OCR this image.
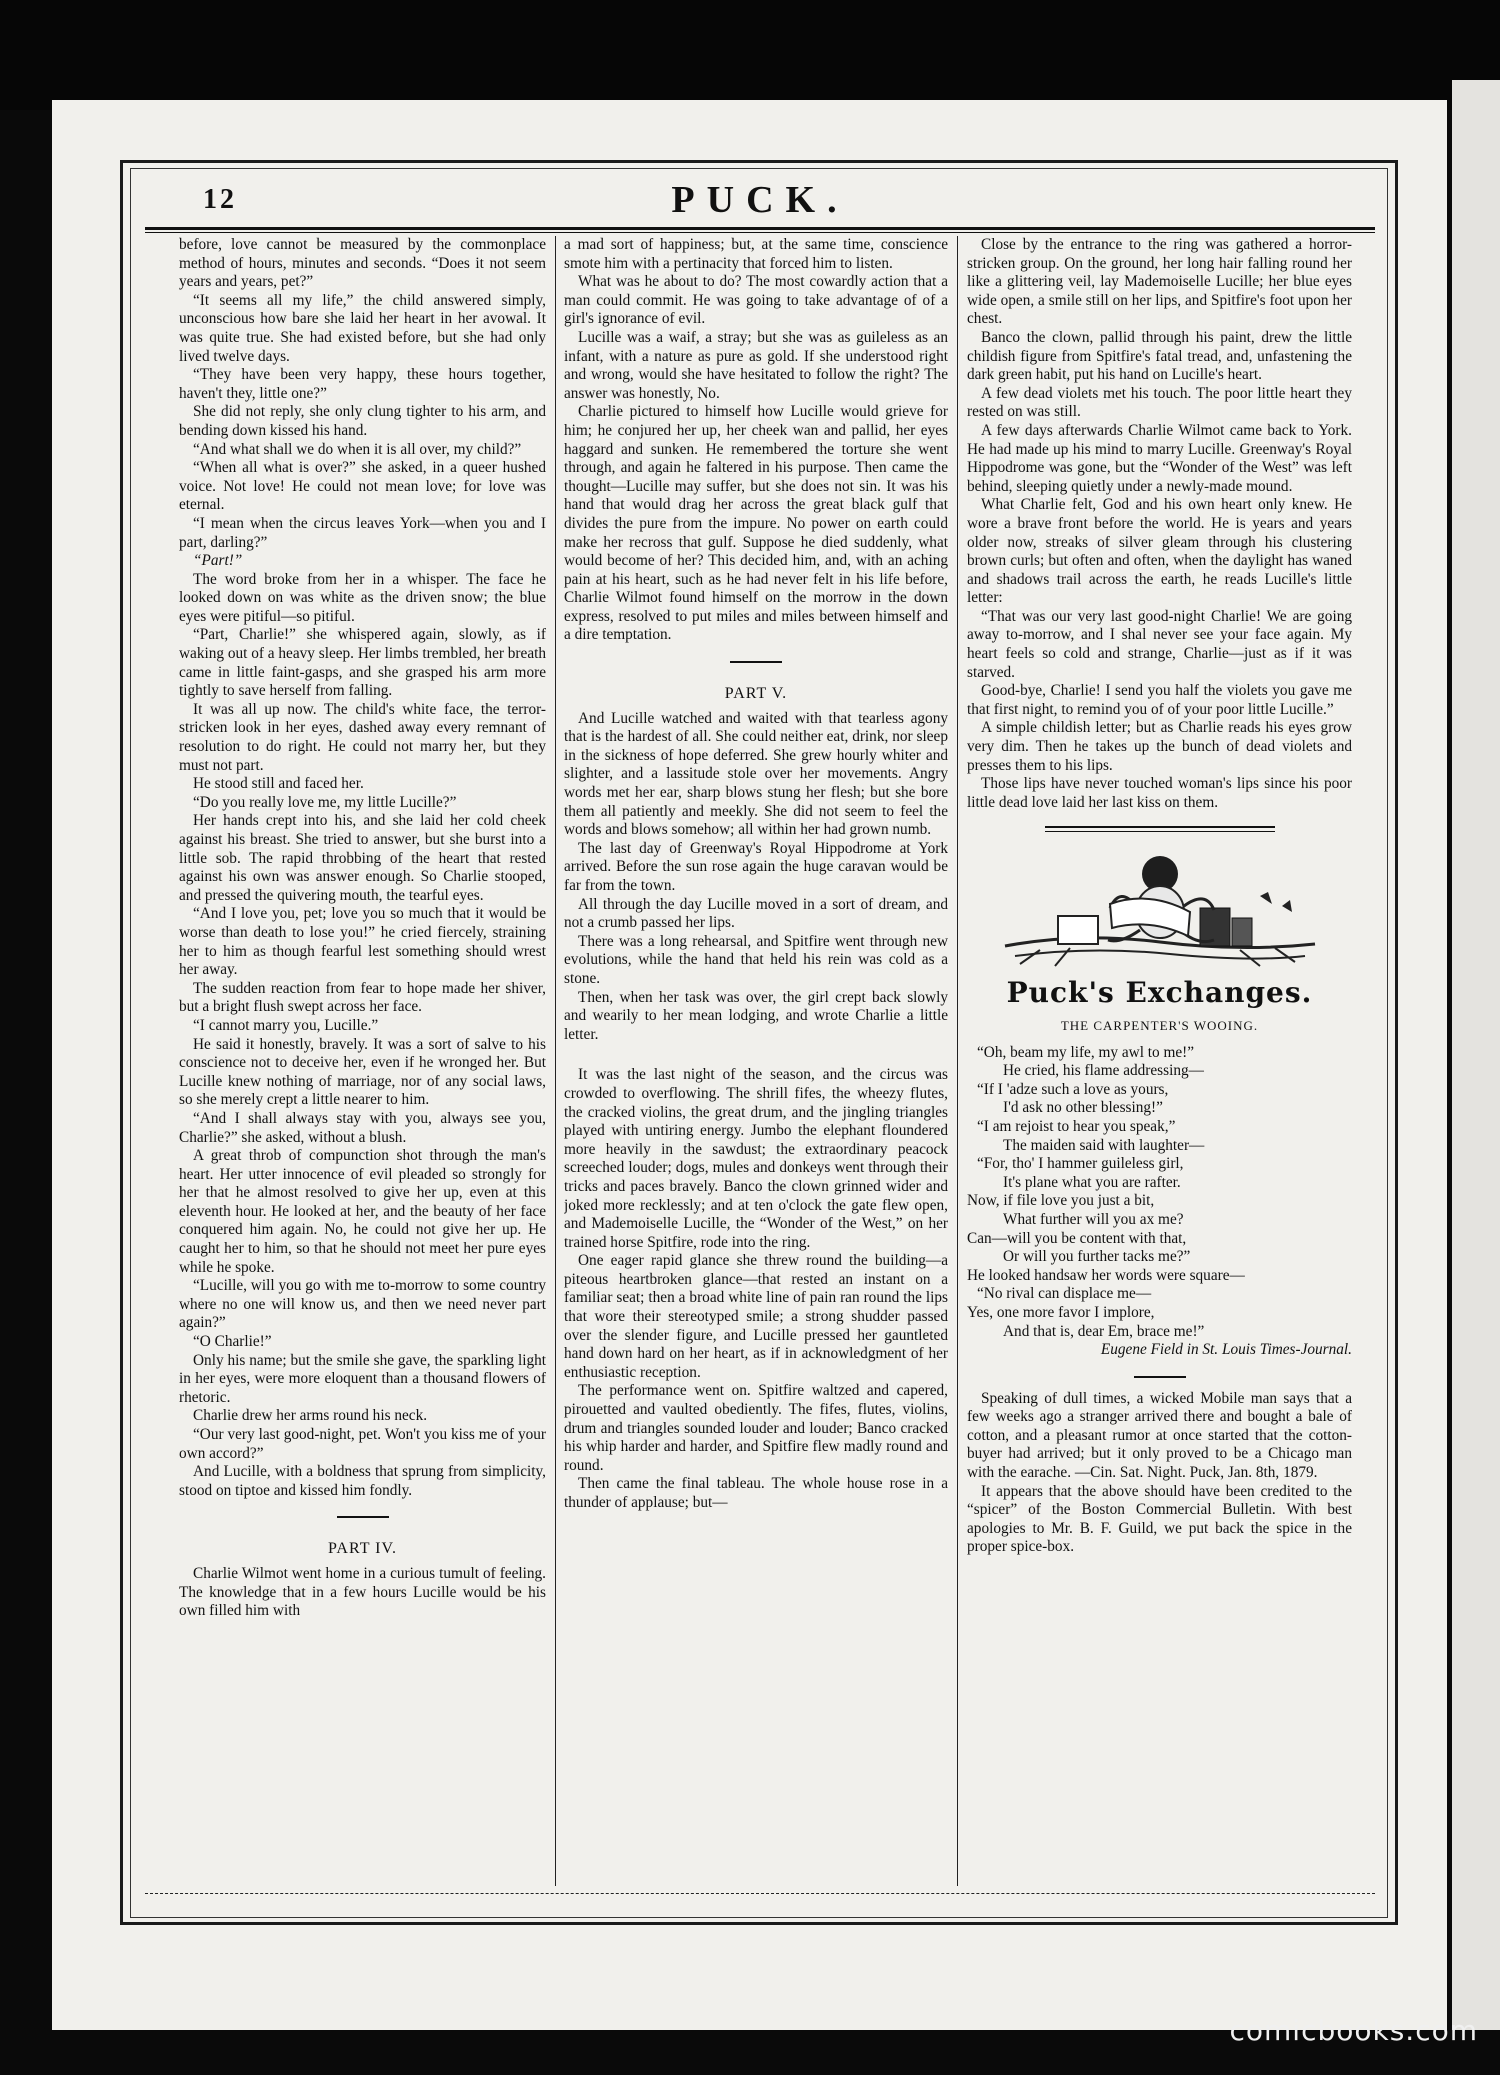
12	PUCK.

before, love cannot be measured by the commonplace method of hours, minutes and seconds. “Does it not seem years and years, pet?”

“It seems all my life,” the child answered simply, unconscious how bare she laid her heart in her avowal. It was quite true. She had existed before, but she had only lived twelve days.

“They have been very happy, these hours together, haven't they, little one?”

She did not reply, she only clung tighter to his arm, and bending down kissed his hand.

“And what shall we do when it is all over, my child?”

“When all what is over?” she asked, in a queer hushed voice. Not love! He could not mean love; for love was eternal.

“I mean when the circus leaves York—when you and I part, darling?”

“Part!”

The word broke from her in a whisper. The face he looked down on was white as the driven snow; the blue eyes were pitiful—so pitiful.

“Part, Charlie!” she whispered again, slowly, as if waking out of a heavy sleep. Her limbs trembled, her breath came in little faint-gasps, and she grasped his arm more tightly to save herself from falling.

It was all up now. The child's white face, the terror-stricken look in her eyes, dashed away every remnant of resolution to do right. He could not marry her, but they must not part.

He stood still and faced her.

“Do you really love me, my little Lucille?”

Her hands crept into his, and she laid her cold cheek against his breast. She tried to answer, but she burst into a little sob. The rapid throbbing of the heart that rested against his own was answer enough. So Charlie stooped, and pressed the quivering mouth, the tearful eyes.

“And I love you, pet; love you so much that it would be worse than death to lose you!” he cried fiercely, straining her to him as though fearful lest something should wrest her away.

The sudden reaction from fear to hope made her shiver, but a bright flush swept across her face.

“I cannot marry you, Lucille.”

He said it honestly, bravely. It was a sort of salve to his conscience not to deceive her, even if he wronged her. But Lucille knew nothing of marriage, nor of any social laws, so she merely crept a little nearer to him.

“And I shall always stay with you, always see you, Charlie?” she asked, without a blush.

A great throb of compunction shot through the man's heart. Her utter innocence of evil pleaded so strongly for her that he almost resolved to give her up, even at this eleventh hour. He looked at her, and the beauty of her face conquered him again. No, he could not give her up. He caught her to him, so that he should not meet her pure eyes while he spoke.

“Lucille, will you go with me to-morrow to some country where no one will know us, and then we need never part again?”

“O Charlie!”

Only his name; but the smile she gave, the sparkling light in her eyes, were more eloquent than a thousand flowers of rhetoric.

Charlie drew her arms round his neck.

“Our very last good-night, pet. Won't you kiss me of your own accord?”

And Lucille, with a boldness that sprung from simplicity, stood on tiptoe and kissed him fondly.

PART IV.

Charlie Wilmot went home in a curious tumult of feeling. The knowledge that in a few hours Lucille would be his own filled him with

a mad sort of happiness; but, at the same time, conscience smote him with a pertinacity that forced him to listen.

What was he about to do? The most cowardly action that a man could commit. He was going to take advantage of of a girl's ignorance of evil.

Lucille was a waif, a stray; but she was as guileless as an infant, with a nature as pure as gold. If she understood right and wrong, would she have hesitated to follow the right? The answer was honestly, No.

Charlie pictured to himself how Lucille would grieve for him; he conjured her up, her cheek wan and pallid, her eyes haggard and sunken. He remembered the torture she went through, and again he faltered in his purpose. Then came the thought—Lucille may suffer, but she does not sin. It was his hand that would drag her across the great black gulf that divides the pure from the impure. No power on earth could make her recross that gulf. Suppose he died suddenly, what would become of her? This decided him, and, with an aching pain at his heart, such as he had never felt in his life before, Charlie Wilmot found himself on the morrow in the down express, resolved to put miles and miles between himself and a dire temptation.

PART V.

And Lucille watched and waited with that tearless agony that is the hardest of all. She could neither eat, drink, nor sleep in the sickness of hope deferred. She grew hourly whiter and slighter, and a lassitude stole over her movements. Angry words met her ear, sharp blows stung her flesh; but she bore them all patiently and meekly. She did not seem to feel the words and blows somehow; all within her had grown numb.

The last day of Greenway's Royal Hippodrome at York arrived. Before the sun rose again the huge caravan would be far from the town.

All through the day Lucille moved in a sort of dream, and not a crumb passed her lips.

There was a long rehearsal, and Spitfire went through new evolutions, while the hand that held his rein was cold as a stone.

Then, when her task was over, the girl crept back slowly and wearily to her mean lodging, and wrote Charlie a little letter.

It was the last night of the season, and the circus was crowded to overflowing. The shrill fifes, the wheezy flutes, the cracked violins, the great drum, and the jingling triangles played with untiring energy. Jumbo the elephant floundered more heavily in the sawdust; the extraordinary peacock screeched louder; dogs, mules and donkeys went through their tricks and paces bravely. Banco the clown grinned wider and joked more recklessly; and at ten o'clock the gate flew open, and Mademoiselle Lucille, the “Wonder of the West,” on her trained horse Spitfire, rode into the ring.

One eager rapid glance she threw round the building—a piteous heartbroken glance—that rested an instant on a familiar seat; then a broad white line of pain ran round the lips that wore their stereotyped smile; a strong shudder passed over the slender figure, and Lucille pressed her gauntleted hand down hard on her heart, as if in acknowledgment of her enthusiastic reception.

The performance went on. Spitfire waltzed and capered, pirouetted and vaulted obediently. The fifes, flutes, violins, drum and triangles sounded louder and louder; Banco cracked his whip harder and harder, and Spitfire flew madly round and round.

Then came the final tableau. The whole house rose in a thunder of applause; but—

Close by the entrance to the ring was gathered a horror-stricken group. On the ground, her long hair falling round her like a glittering veil, lay Mademoiselle Lucille; her blue eyes wide open, a smile still on her lips, and Spitfire's foot upon her chest.

Banco the clown, pallid through his paint, drew the little childish figure from Spitfire's fatal tread, and, unfastening the dark green habit, put his hand on Lucille's heart.

A few dead violets met his touch. The poor little heart they rested on was still.

A few days afterwards Charlie Wilmot came back to York. He had made up his mind to marry Lucille. Greenway's Royal Hippodrome was gone, but the “Wonder of the West” was left behind, sleeping quietly under a newly-made mound.

What Charlie felt, God and his own heart only knew. He wore a brave front before the world. He is years and years older now, streaks of silver gleam through his clustering brown curls; but often and often, when the daylight has waned and shadows trail across the earth, he reads Lucille's little letter:

“That was our very last good-night Charlie! We are going away to-morrow, and I shal never see your face again. My heart feels so cold and strange, Charlie—just as if it was starved.

Good-bye, Charlie! I send you half the violets you gave me that first night, to remind you of of your poor little Lucille.”

A simple childish letter; but as Charlie reads his eyes grow very dim. Then he takes up the bunch of dead violets and presses them to his lips.

Those lips have never touched woman's lips since his poor little dead love laid her last kiss on them.

Puck's Exchanges.
THE CARPENTER'S WOOING.

“Oh, beam my life, my awl to me!”

He cried, his flame addressing—

“If I 'adze such a love as yours,

I'd ask no other blessing!”

“I am rejoist to hear you speak,”

The maiden said with laughter—

“For, tho' I hammer guileless girl,

It's plane what you are rafter.

Now, if file love you just a bit,

What further will you ax me?

Can—will you be content with that,

Or will you further tacks me?”

He looked handsaw her words were square—

“No rival can displace me—

Yes, one more favor I implore,

And that is, dear Em, brace me!”

Eugene Field in St. Louis Times-Journal.

Speaking of dull times, a wicked Mobile man says that a few weeks ago a stranger arrived there and bought a bale of cotton, and a pleasant rumor at once started that the cotton-buyer had arrived; but it only proved to be a Chicago man with the earache. —Cin. Sat. Night. Puck, Jan. 8th, 1879.

It appears that the above should have been credited to the “spicer” of the Boston Commercial Bulletin. With best apologies to Mr. B. F. Guild, we put back the spice in the proper spice-box.

comicbooks.com
